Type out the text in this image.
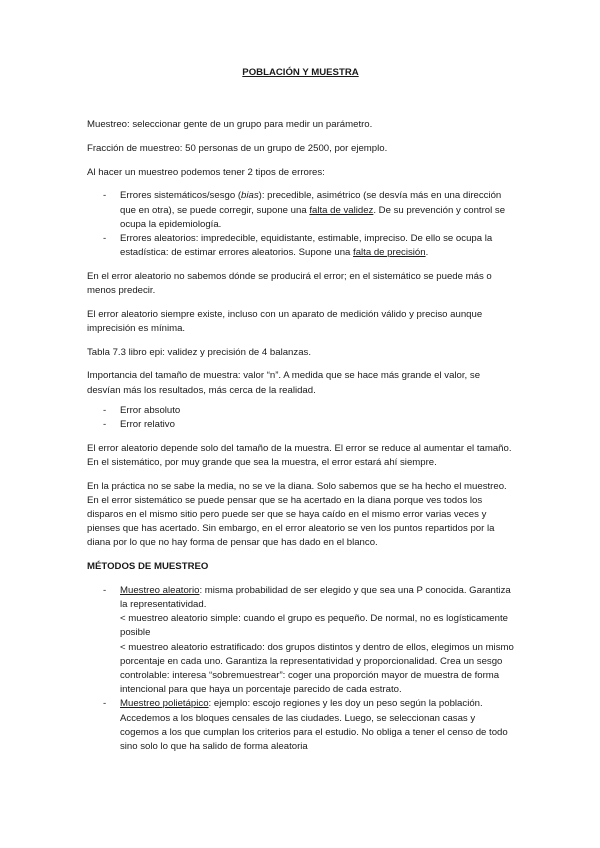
POBLACIÓN Y MUESTRA

Muestreo: seleccionar gente de un grupo para medir un parámetro.

Fracción de muestreo: 50 personas de un grupo de 2500, por ejemplo.

Al hacer un muestreo podemos tener 2 tipos de errores:

- Errores sistemáticos/sesgo (bias): precedible, asimétrico (se desvía más en una dirección que en otra), se puede corregir, supone una falta de validez. De su prevención y control se ocupa la epidemiología.
- Errores aleatorios: impredecible, equidistante, estimable, impreciso. De ello se ocupa la estadística: de estimar errores aleatorios. Supone una falta de precisión.

En el error aleatorio no sabemos dónde se producirá el error; en el sistemático se puede más o menos predecir.

El error aleatorio siempre existe, incluso con un aparato de medición válido y preciso aunque imprecisión es mínima.

Tabla 7.3 libro epi: validez y precisión de 4 balanzas.

Importancia del tamaño de muestra: valor “n”. A medida que se hace más grande el valor, se desvían más los resultados, más cerca de la realidad.

- Error absoluto
- Error relativo

El error aleatorio depende solo del tamaño de la muestra. El error se reduce al aumentar el tamaño. En el sistemático, por muy grande que sea la muestra, el error estará ahí siempre.

En la práctica no se sabe la media, no se ve la diana. Solo sabemos que se ha hecho el muestreo. En el error sistemático se puede pensar que se ha acertado en la diana porque ves todos los disparos en el mismo sitio pero puede ser que se haya caído en el mismo error varias veces y pienses que has acertado. Sin embargo, en el error aleatorio se ven los puntos repartidos por la diana por lo que no hay forma de pensar que has dado en el blanco.

MÉTODOS DE MUESTREO
- Muestreo aleatorio: misma probabilidad de ser elegido y que sea una P conocida. Garantiza la representatividad.
< muestreo aleatorio simple: cuando el grupo es pequeño. De normal, no es logísticamente posible
< muestreo aleatorio estratificado: dos grupos distintos y dentro de ellos, elegimos un mismo porcentaje en cada uno. Garantiza la representatividad y proporcionalidad. Crea un sesgo controlable: interesa “sobremuestrear”: coger una proporción mayor de muestra de forma intencional para que haya un porcentaje parecido de cada estrato.
- Muestreo polietápico: ejemplo: escojo regiones y les doy un peso según la población. Accedemos a los bloques censales de las ciudades. Luego, se seleccionan casas y cogemos a los que cumplan los criterios para el estudio. No obliga a tener el censo de todo sino solo lo que ha salido de forma aleatoria
